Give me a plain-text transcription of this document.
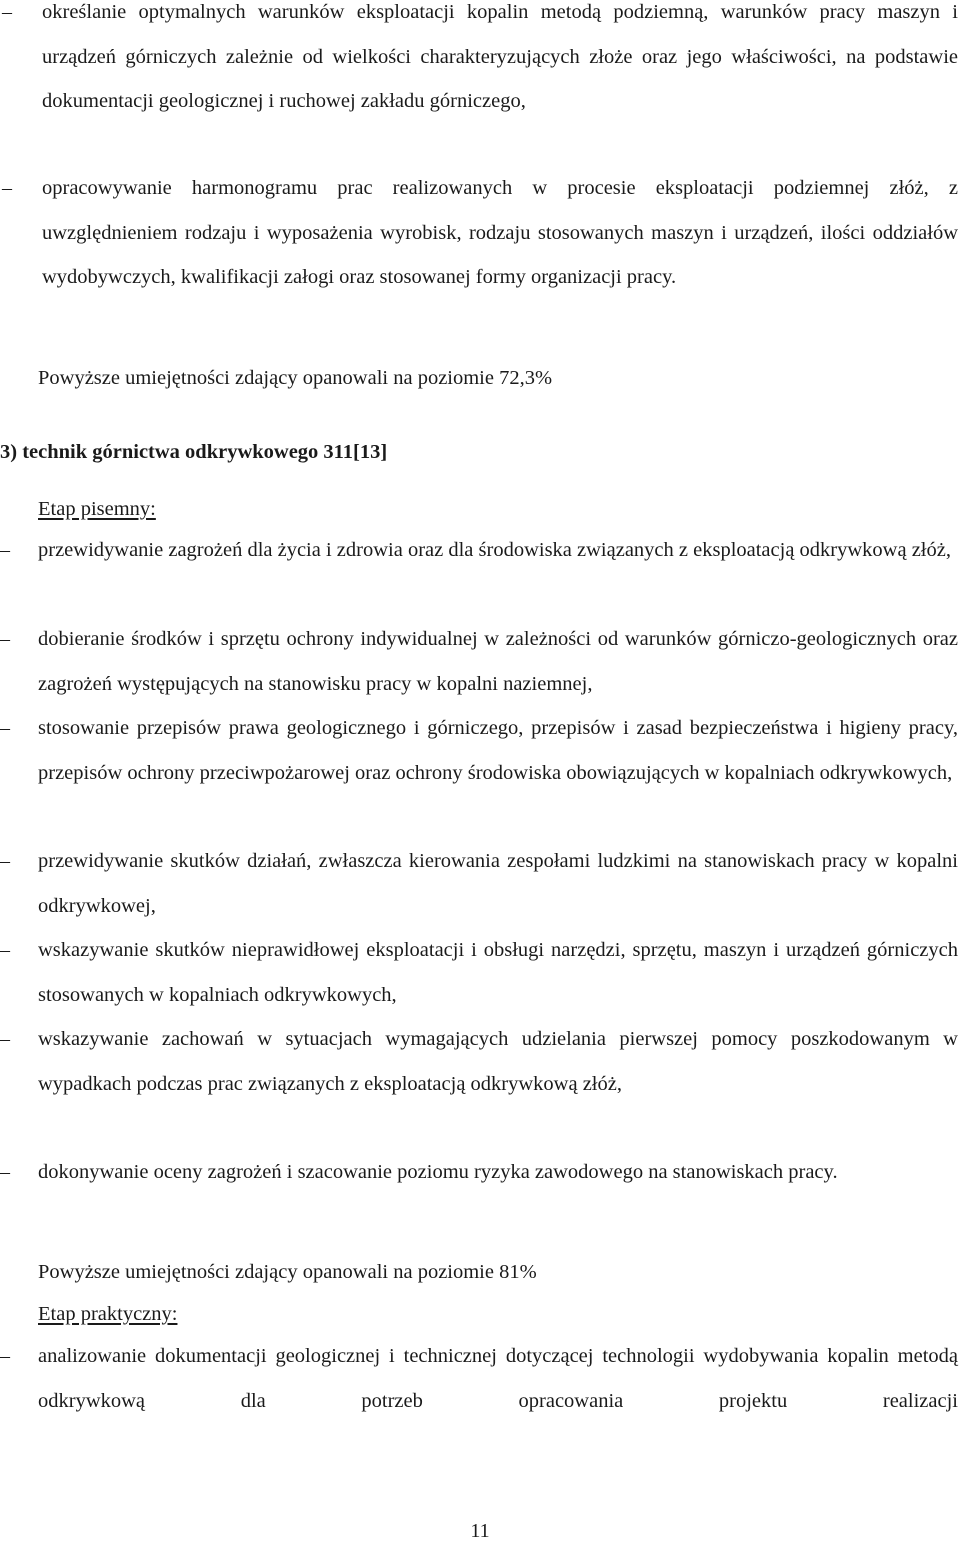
–	określanie optymalnych warunków eksploatacji kopalin metodą podziemną, warunków pracy maszyn i urządzeń górniczych zależnie od wielkości charakteryzujących złoże oraz jego właściwości, na podstawie dokumentacji geologicznej i ruchowej zakładu górniczego,
–	opracowywanie harmonogramu prac realizowanych w procesie eksploatacji podziemnej złóż, z uwzględnieniem rodzaju i wyposażenia wyrobisk, rodzaju stosowanych maszyn i urządzeń, ilości oddziałów wydobywczych, kwalifikacji załogi oraz stosowanej formy organizacji pracy.
Powyższe umiejętności zdający opanowali na poziomie 72,3%
3) technik górnictwa odkrywkowego 311[13]
Etap pisemny:
–	przewidywanie zagrożeń dla życia i zdrowia oraz dla środowiska związanych z eksploatacją odkrywkową złóż,
–	dobieranie środków i sprzętu ochrony indywidualnej w zależności od warunków górniczo-geologicznych oraz zagrożeń występujących na stanowisku pracy w kopalni naziemnej,
–	stosowanie przepisów prawa geologicznego i górniczego, przepisów i zasad bezpieczeństwa i higieny pracy, przepisów ochrony przeciwpożarowej oraz ochrony środowiska obowiązujących w kopalniach odkrywkowych,
–	przewidywanie skutków działań, zwłaszcza kierowania zespołami ludzkimi na stanowiskach pracy w kopalni odkrywkowej,
–	wskazywanie skutków nieprawidłowej eksploatacji i obsługi narzędzi, sprzętu, maszyn i urządzeń górniczych stosowanych w kopalniach odkrywkowych,
–	wskazywanie zachowań w sytuacjach wymagających udzielania pierwszej pomocy poszkodowanym w wypadkach podczas prac związanych z eksploatacją odkrywkową złóż,
–	dokonywanie oceny zagrożeń i szacowanie poziomu ryzyka zawodowego na stanowiskach pracy.
Powyższe umiejętności zdający opanowali na poziomie 81%
Etap praktyczny:
–	analizowanie dokumentacji geologicznej i technicznej dotyczącej technologii wydobywania kopalin metodą odkrywkową dla potrzeb opracowania projektu realizacji
11
